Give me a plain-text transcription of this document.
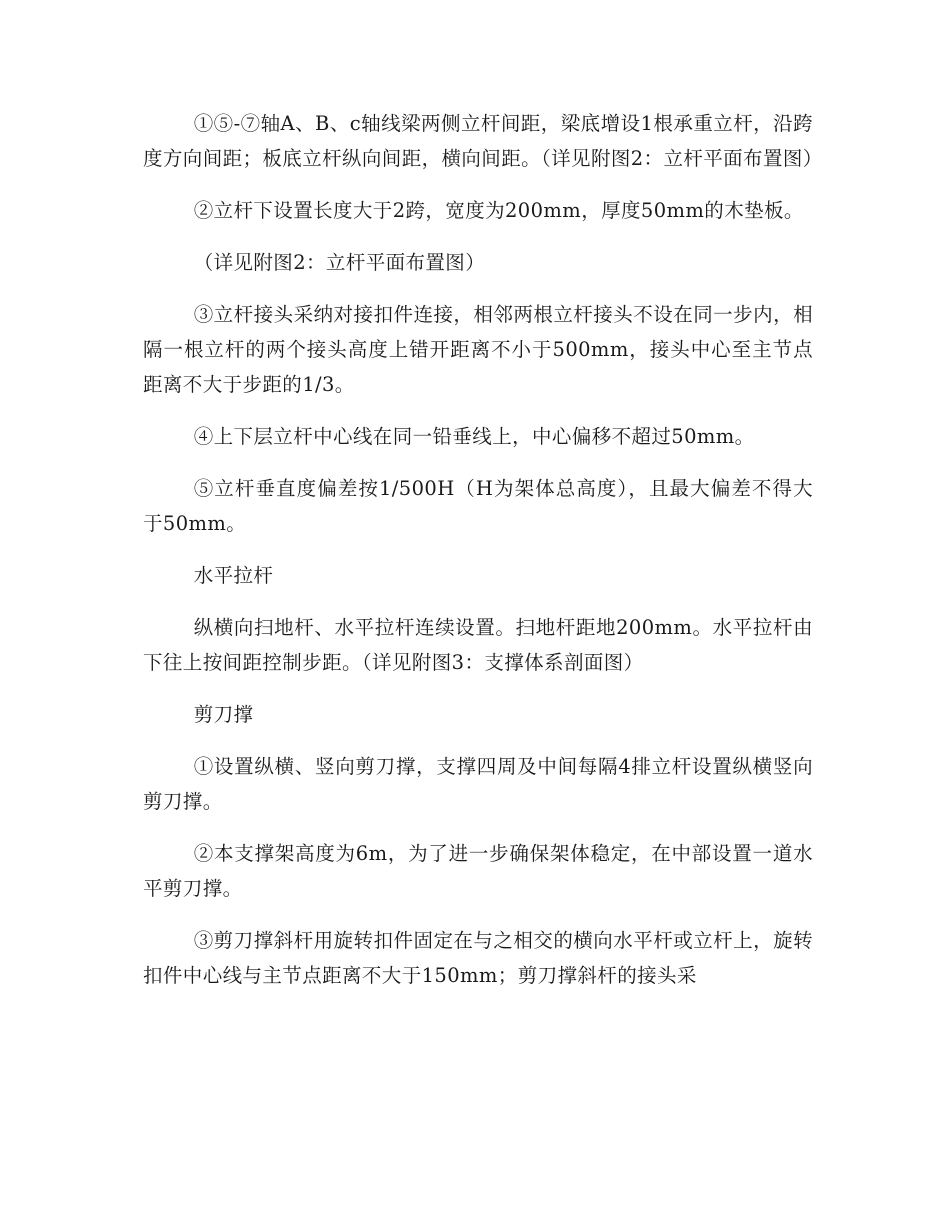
①⑤-⑦轴A、B、c轴线梁两侧立杆间距，梁底增设1根承重立杆，沿跨度方向间距；板底立杆纵向间距，横向间距。（详见附图2：立杆平面布置图）

②立杆下设置长度大于2跨，宽度为200mm，厚度50mm的木垫板。

（详见附图2：立杆平面布置图）

③立杆接头采纳对接扣件连接，相邻两根立杆接头不设在同一步内，相隔一根立杆的两个接头高度上错开距离不小于500mm，接头中心至主节点距离不大于步距的1/3。

④上下层立杆中心线在同一铅垂线上，中心偏移不超过50mm。

⑤立杆垂直度偏差按1/500H（H为架体总高度），且最大偏差不得大于50mm。

水平拉杆

纵横向扫地杆、水平拉杆连续设置。扫地杆距地200mm。水平拉杆由下往上按间距控制步距。（详见附图3：支撑体系剖面图）

剪刀撑

①设置纵横、竖向剪刀撑，支撑四周及中间每隔4排立杆设置纵横竖向剪刀撑。

②本支撑架高度为6m，为了进一步确保架体稳定，在中部设置一道水平剪刀撑。

③剪刀撑斜杆用旋转扣件固定在与之相交的横向水平杆或立杆上，旋转扣件中心线与主节点距离不大于150mm；剪刀撑斜杆的接头采
